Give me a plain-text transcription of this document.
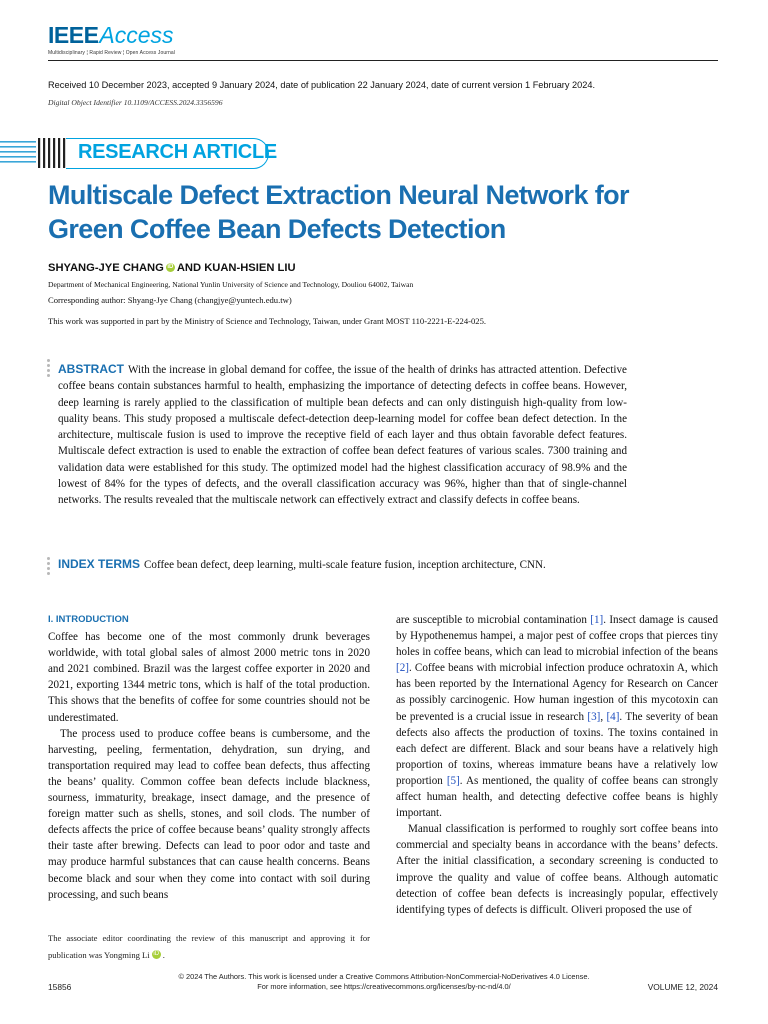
IEEEAccess
Multidisciplinary ¦ Rapid Review ¦ Open Access Journal
Received 10 December 2023, accepted 9 January 2024, date of publication 22 January 2024, date of current version 1 February 2024.
Digital Object Identifier 10.1109/ACCESS.2024.3356596
RESEARCH ARTICLE
Multiscale Defect Extraction Neural Network for
Green Coffee Bean Defects Detection
SHYANG-JYE CHANG iD AND KUAN-HSIEN LIU
Department of Mechanical Engineering, National Yunlin University of Science and Technology, Douliou 64002, Taiwan
Corresponding author: Shyang-Jye Chang (changjye@yuntech.edu.tw)
This work was supported in part by the Ministry of Science and Technology, Taiwan, under Grant MOST 110-2221-E-224-025.
ABSTRACT With the increase in global demand for coffee, the issue of the health of drinks has attracted attention. Defective coffee beans contain substances harmful to health, emphasizing the importance of detecting defects in coffee beans. However, deep learning is rarely applied to the classification of multiple bean defects and can only distinguish high-quality from low-quality beans. This study proposed a multiscale defect-detection deep-learning model for coffee bean defect detection. In the architecture, multiscale fusion is used to improve the receptive field of each layer and thus obtain favorable defect features. Multiscale defect extraction is used to enable the extraction of coffee bean defect features of various scales. 7300 training and validation data were established for this study. The optimized model had the highest classification accuracy of 98.9% and the lowest of 84% for the types of defects, and the overall classification accuracy was 96%, higher than that of single-channel networks. The results revealed that the multiscale network can effectively extract and classify defects in coffee beans.
INDEX TERMS Coffee bean defect, deep learning, multi-scale feature fusion, inception architecture, CNN.
I. INTRODUCTION

Coffee has become one of the most commonly drunk beverages worldwide, with total global sales of almost 2000 metric tons in 2020 and 2021 combined. Brazil was the largest coffee exporter in 2020 and 2021, exporting 1344 metric tons, which is half of the total production. This shows that the benefits of coffee for some countries should not be underestimated.

The process used to produce coffee beans is cumbersome, and the harvesting, peeling, fermentation, dehydration, sun drying, and transportation required may lead to coffee bean defects, thus affecting the beans’ quality. Common coffee bean defects include blackness, sourness, immaturity, breakage, insect damage, and the presence of foreign matter such as shells, stones, and soil clods. The number of defects affects the price of coffee because beans’ quality strongly affects their taste after brewing. Defects can lead to poor odor and taste and may produce harmful substances that can cause health concerns. Beans become black and sour when they come into contact with soil during processing, and such beans

are susceptible to microbial contamination [1]. Insect damage is caused by Hypothenemus hampei, a major pest of coffee crops that pierces tiny holes in coffee beans, which can lead to microbial infection of the beans [2]. Coffee beans with microbial infection produce ochratoxin A, which has been reported by the International Agency for Research on Cancer as possibly carcinogenic. How human ingestion of this mycotoxin can be prevented is a crucial issue in research [3], [4]. The severity of bean defects also affects the production of toxins. The toxins contained in each defect are different. Black and sour beans have a relatively high proportion of toxins, whereas immature beans have a relatively low proportion [5]. As mentioned, the quality of coffee beans can strongly affect human health, and detecting defective coffee beans is highly important.

Manual classification is performed to roughly sort coffee beans into commercial and specialty beans in accordance with the beans’ defects. After the initial classification, a secondary screening is conducted to improve the quality and value of coffee beans. Although automatic detection of coffee bean defects is increasingly popular, effectively identifying types of defects is difficult. Oliveri proposed the use of

The associate editor coordinating the review of this manuscript and approving it for publication was Yongming Li iD .
© 2024 The Authors. This work is licensed under a Creative Commons Attribution-NonCommercial-NoDerivatives 4.0 License.
For more information, see https://creativecommons.org/licenses/by-nc-nd/4.0/
15856	VOLUME 12, 2024
